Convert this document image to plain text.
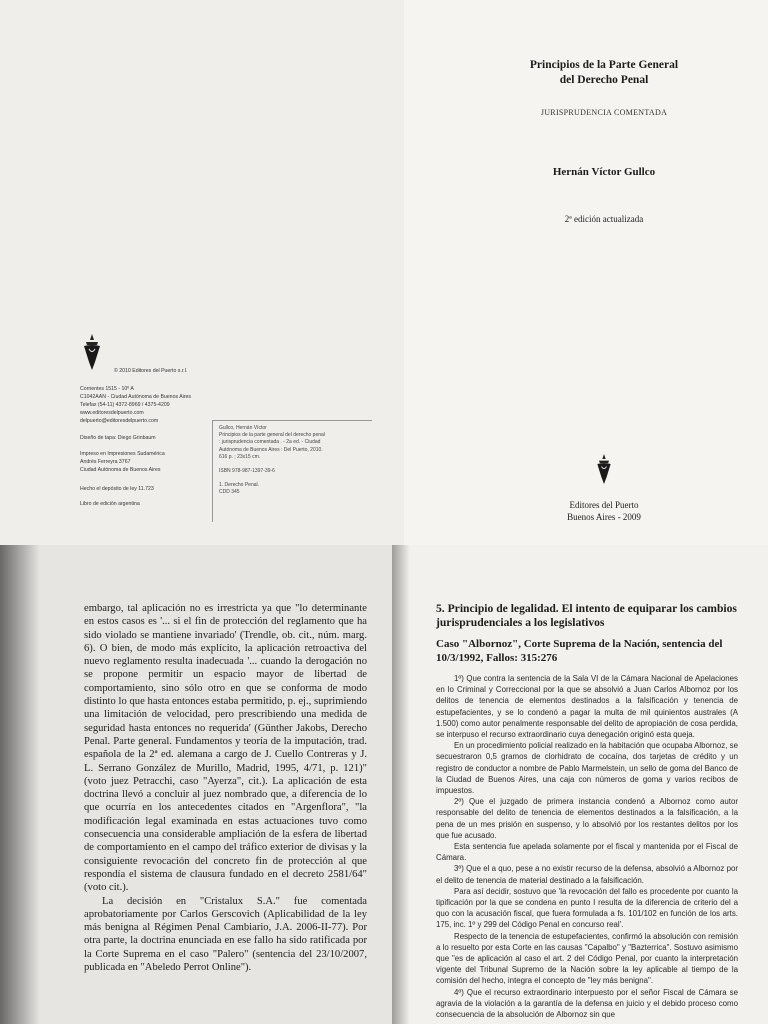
© 2010 Editores del Puerto s.r.l.
Corrientes 1515 - 10º A
C1042AAN - Ciudad Autónoma de Buenos Aires
Telefax (54-11) 4372-8969 / 4375-4209
www.editoresdelpuerto.com
delpuerto@editoresdelpuerto.com
Diseño de tapa: Diego Grinbaum
Impreso en Impresiones Sudamérica
Andrés Ferreyra 3767
Ciudad Autónoma de Buenos Aires
Hecho el depósito de ley 11.723
Libro de edición argentina
Gullco, Hernán Víctor
Principios de la parte general del derecho penal
: jurisprudencia comentada . - 2a ed. - Ciudad
Autónoma de Buenos Aires : Del Puerto, 2010.
616 p. ; 23x15 cm.
ISBN 978-987-1397-39-6
1. Derecho Penal.
CDD 345
Principios de la Parte General
del Derecho Penal
JURISPRUDENCIA COMENTADA
Hernán Víctor Gullco
2ª edición actualizada
Editores del Puerto
Buenos Aires - 2009

embargo, tal aplicación no es irrestricta ya que "lo determinante en estos casos es '... si el fin de protección del reglamento que ha sido violado se mantiene invariado' (Trendle, ob. cit., núm. marg. 6). O bien, de modo más explícito, la aplicación retroactiva del nuevo reglamento resulta inadecuada '... cuando la derogación no se propone permitir un espacio mayor de libertad de comportamiento, sino sólo otro en que se conforma de modo distinto lo que hasta entonces estaba permitido, p. ej., suprimiendo una limitación de velocidad, pero prescribiendo una medida de seguridad hasta entonces no requerida' (Günther Jakobs, Derecho Penal. Parte general. Fundamentos y teoría de la imputación, trad. española de la 2ª ed. alemana a cargo de J. Cuello Contreras y J. L. Serrano González de Murillo, Madrid, 1995, 4/71, p. 121)" (voto juez Petracchi, caso "Ayerza", cit.). La aplicación de esta doctrina llevó a concluir al juez nombrado que, a diferencia de lo que ocurría en los antecedentes citados en "Argenflora", "la modificación legal examinada en estas actuaciones tuvo como consecuencia una considerable ampliación de la esfera de libertad de comportamiento en el campo del tráfico exterior de divisas y la consiguiente revocación del concreto fin de protección al que respondía el sistema de clausura fundado en el decreto 2581/64" (voto cit.).

La decisión en "Cristalux S.A." fue comentada aprobatoriamente por Carlos Gerscovich (Aplicabilidad de la ley más benigna al Régimen Penal Cambiario, J.A. 2006-II-77). Por otra parte, la doctrina enunciada en ese fallo ha sido ratificada por la Corte Suprema en el caso "Palero" (sentencia del 23/10/2007, publicada en "Abeledo Perrot Online").

5. Principio de legalidad. El intento de equiparar los cambios jurisprudenciales a los legislativos
Caso "Albornoz", Corte Suprema de la Nación, sentencia del 10/3/1992, Fallos: 315:276

1º) Que contra la sentencia de la Sala VI de la Cámara Nacional de Apelaciones en lo Criminal y Correccional por la que se absolvió a Juan Carlos Albornoz por los delitos de tenencia de elementos destinados a la falsificación y tenencia de estupefacientes, y se lo condenó a pagar la multa de mil quinientos australes (A 1.500) como autor penalmente responsable del delito de apropiación de cosa perdida, se interpuso el recurso extraordinario cuya denegación originó esta queja.

En un procedimiento policial realizado en la habitación que ocupaba Albornoz, se secuestraron 0,5 gramos de clorhidrato de cocaína, dos tarjetas de crédito y un registro de conductor a nombre de Pablo Marmelstein, un sello de goma del Banco de la Ciudad de Buenos Aires, una caja con números de goma y varios recibos de impuestos.

2º) Que el juzgado de primera instancia condenó a Albornoz como autor responsable del delito de tenencia de elementos destinados a la falsificación, a la pena de un mes prisión en suspenso, y lo absolvió por los restantes delitos por los que fue acusado.

Esta sentencia fue apelada solamente por el fiscal y mantenida por el Fiscal de Cámara.

3º) Que el a quo, pese a no existir recurso de la defensa, absolvió a Albornoz por el delito de tenencia de material destinado a la falsificación.

Para así decidir, sostuvo que 'la revocación del fallo es procedente por cuanto la tipificación por la que se condena en punto I resulta de la diferencia de criterio del a quo con la acusación fiscal, que fuera formulada a fs. 101/102 en función de los arts. 175, inc. 1º y 299 del Código Penal en concurso real'.

Respecto de la tenencia de estupefacientes, confirmó la absolución con remisión a lo resuelto por esta Corte en las causas "Capalbo" y "Bazterrica". Sostuvo asimismo que "es de aplicación al caso el art. 2 del Código Penal, por cuanto la interpretación vigente del Tribunal Supremo de la Nación sobre la ley aplicable al tiempo de la comisión del hecho, integra el concepto de "ley más benigna".

4º) Que el recurso extraordinario interpuesto por el señor Fiscal de Cámara se agravia de la violación a la garantía de la defensa en juicio y el debido proceso como consecuencia de la absolución de Albornoz sin que
